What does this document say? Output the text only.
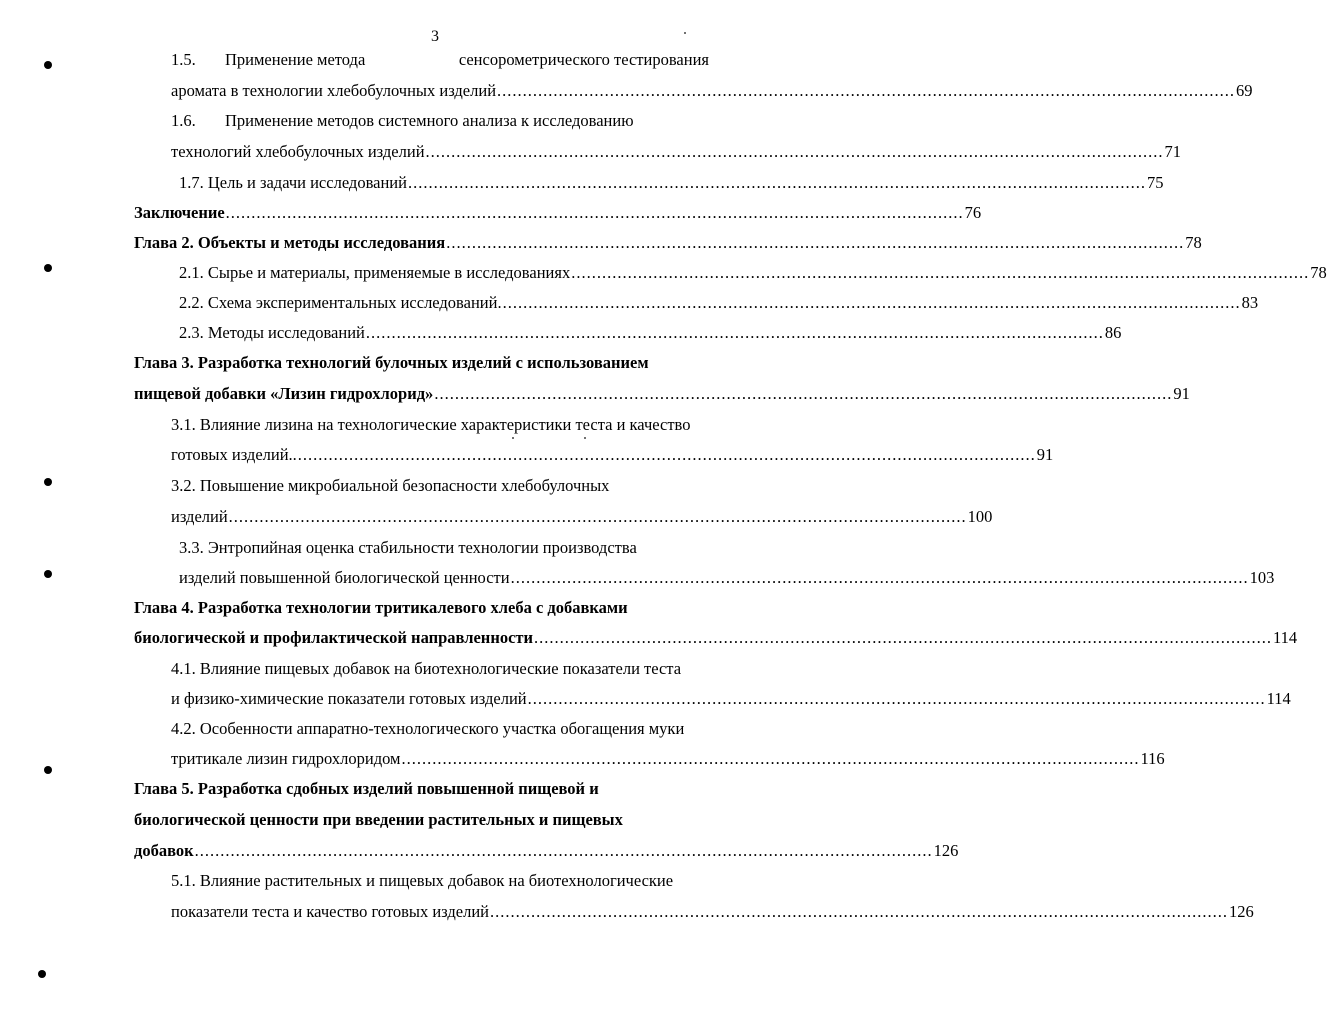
3
1.5. Применение метода	сенсорометрического тестирования
аромата в технологии хлебобулочных изделий ................................................................................................................................................ 69
1.6. Применение методов системного анализа к исследованию
технологий хлебобулочных изделий ................................................................................................................................................ 71
1.7. Цель и задачи исследований ................................................................................................................................................ 75
Заключение ................................................................................................................................................ 76
Глава 2. Объекты и методы исследования ................................................................................................................................................ 78
2.1. Сырье и материалы, применяемые в исследованиях ................................................................................................................................................ 78
2.2. Схема экспериментальных исследований. ................................................................................................................................................ 83
2.3. Методы исследований ................................................................................................................................................ 86
Глава 3. Разработка технологий булочных изделий с использованием
пищевой добавки «Лизин гидрохлорид» ................................................................................................................................................ 91
3.1. Влияние лизина на технологические характеристики теста и качество
готовых изделий.. ................................................................................................................................................ 91
3.2. Повышение микробиальной безопасности хлебобулочных
изделий ................................................................................................................................................ 100
3.3. Энтропийная оценка стабильности технологии производства
изделий повышенной биологической ценности ................................................................................................................................................ 103
Глава 4. Разработка технологии тритикалевого хлеба с добавками
биологической и профилактической направленности ................................................................................................................................................ 114
4.1. Влияние пищевых добавок на биотехнологические показатели теста
и физико-химические показатели готовых изделий ................................................................................................................................................ 114
4.2. Особенности аппаратно-технологического участка обогащения муки
тритикале лизин гидрохлоридом ................................................................................................................................................ 116
Глава 5. Разработка сдобных изделий повышенной пищевой и
биологической ценности при введении растительных и пищевых
добавок ................................................................................................................................................ 126
5.1. Влияние растительных и пищевых добавок на биотехнологические
показатели теста и качество готовых изделий ................................................................................................................................................ 126
